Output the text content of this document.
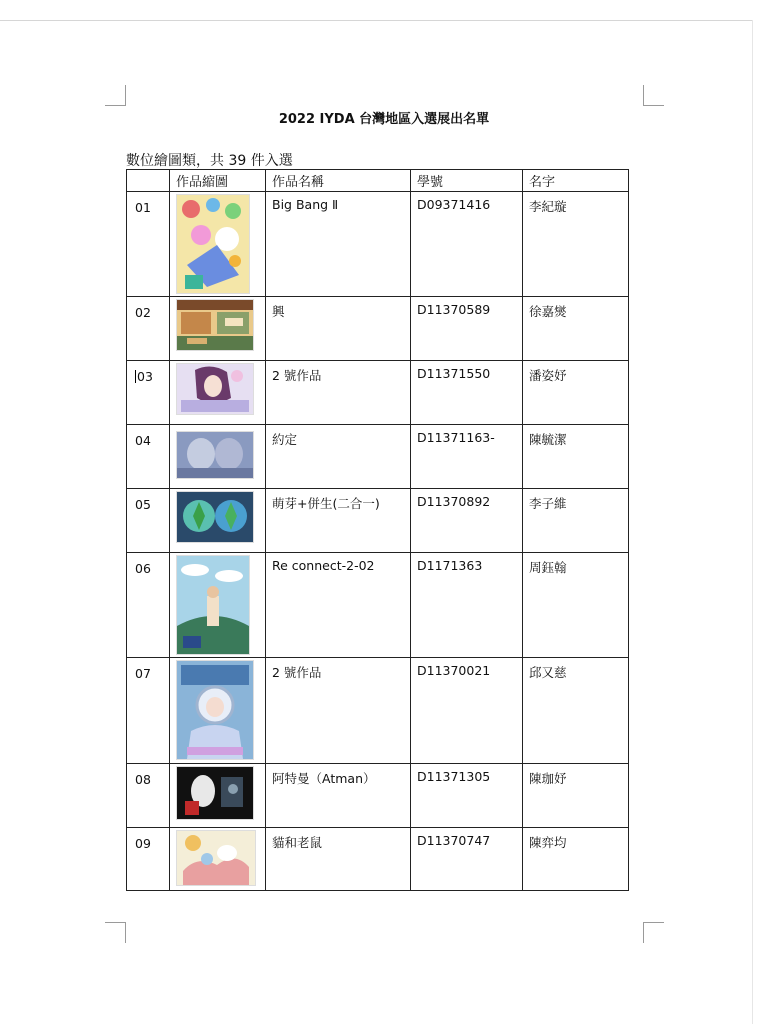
2022 IYDA 台灣地區入選展出名單
數位繪圖類，共 39 件入選
	作品縮圖	作品名稱	學號	名字
01		Big Bang Ⅱ	D09371416	李紀璇
02		興	D11370589	徐嘉爕
03		2 號作品	D11371550	潘姿妤
04		約定	D11371163-	陳毓潔
05		萌芽+併生(二合一)	D11370892	李子維
06		Re connect-2-02	D1171363	周鈺翰
07		2 號作品	D11370021	邱又慈
08		阿特曼（Atman）	D11371305	陳珈妤
09		貓和老鼠	D11370747	陳弈均
